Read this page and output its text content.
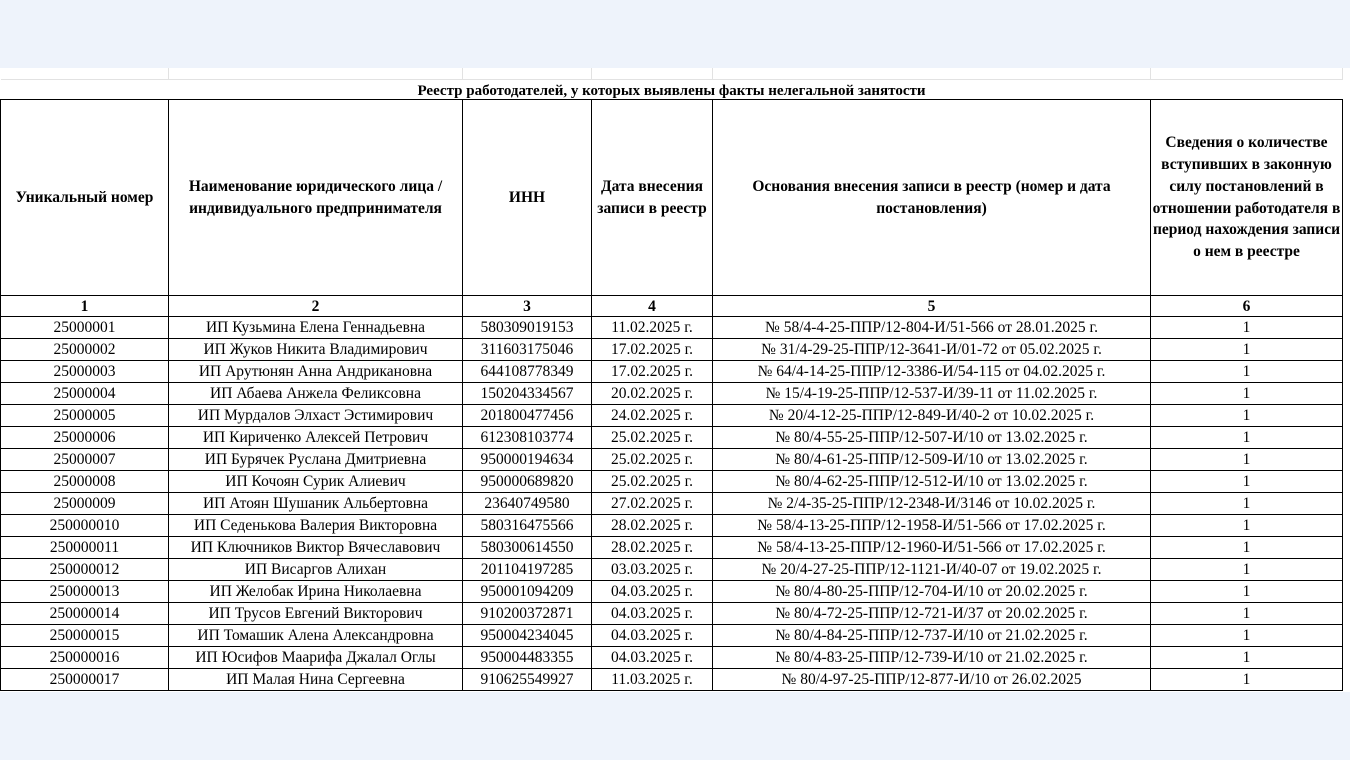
Реестр работодателей, у которых выявлены факты нелегальной занятости						
Уникальный номер	Наименование юридического лица / индивидуального предпринимателя	ИНН	Дата внесения записи в реестр	Основания внесения записи в реестр (номер и дата постановления)	Сведения о количестве вступивших в законную силу постановлений в отношении работодателя в период нахождения записи о нем в реестре	
1	2	3	4	5	6	
25000001	ИП Кузьмина Елена Геннадьевна	580309019153	11.02.2025 г.	№ 58/4-4-25-ППР/12-804-И/51-566 от 28.01.2025 г.	1	
25000002	ИП Жуков Никита Владимирович	311603175046	17.02.2025 г.	№ 31/4-29-25-ППР/12-3641-И/01-72 от 05.02.2025 г.	1	
25000003	ИП Арутюнян Анна Андрикановна	644108778349	17.02.2025 г.	№ 64/4-14-25-ППР/12-3386-И/54-115 от 04.02.2025 г.	1	
25000004	ИП Абаева Анжела Феликсовна	150204334567	20.02.2025 г.	№ 15/4-19-25-ППР/12-537-И/39-11 от 11.02.2025 г.	1	
25000005	ИП Мурдалов Элхаст Эстимирович	201800477456	24.02.2025 г.	№ 20/4-12-25-ППР/12-849-И/40-2 от 10.02.2025 г.	1	
25000006	ИП Кириченко Алексей Петрович	612308103774	25.02.2025 г.	№ 80/4-55-25-ППР/12-507-И/10 от 13.02.2025 г.	1	
25000007	ИП Бурячек Руслана Дмитриевна	950000194634	25.02.2025 г.	№ 80/4-61-25-ППР/12-509-И/10 от 13.02.2025 г.	1	
25000008	ИП Кочоян Сурик Алиевич	950000689820	25.02.2025 г.	№ 80/4-62-25-ППР/12-512-И/10 от 13.02.2025 г.	1	
25000009	ИП Атоян Шушаник Альбертовна	23640749580	27.02.2025 г.	№ 2/4-35-25-ППР/12-2348-И/3146 от 10.02.2025 г.	1	
250000010	ИП Седенькова Валерия Викторовна	580316475566	28.02.2025 г.	№ 58/4-13-25-ППР/12-1958-И/51-566 от 17.02.2025 г.	1	
250000011	ИП Ключников Виктор Вячеславович	580300614550	28.02.2025 г.	№ 58/4-13-25-ППР/12-1960-И/51-566 от 17.02.2025 г.	1	
250000012	ИП Висаргов Алихан	201104197285	03.03.2025 г.	№ 20/4-27-25-ППР/12-1121-И/40-07 от 19.02.2025 г.	1	
250000013	ИП Желобак Ирина Николаевна	950001094209	04.03.2025 г.	№ 80/4-80-25-ППР/12-704-И/10 от 20.02.2025 г.	1	
250000014	ИП Трусов Евгений Викторович	910200372871	04.03.2025 г.	№ 80/4-72-25-ППР/12-721-И/37 от 20.02.2025 г.	1	
250000015	ИП Томашик Алена Александровна	950004234045	04.03.2025 г.	№ 80/4-84-25-ППР/12-737-И/10 от 21.02.2025 г.	1	
250000016	ИП Юсифов Маарифа Джалал Оглы	950004483355	04.03.2025 г.	№ 80/4-83-25-ППР/12-739-И/10 от 21.02.2025 г.	1	
250000017	ИП Малая Нина Сергеевна	910625549927	11.03.2025 г.	№ 80/4-97-25-ППР/12-877-И/10 от 26.02.2025	1	
